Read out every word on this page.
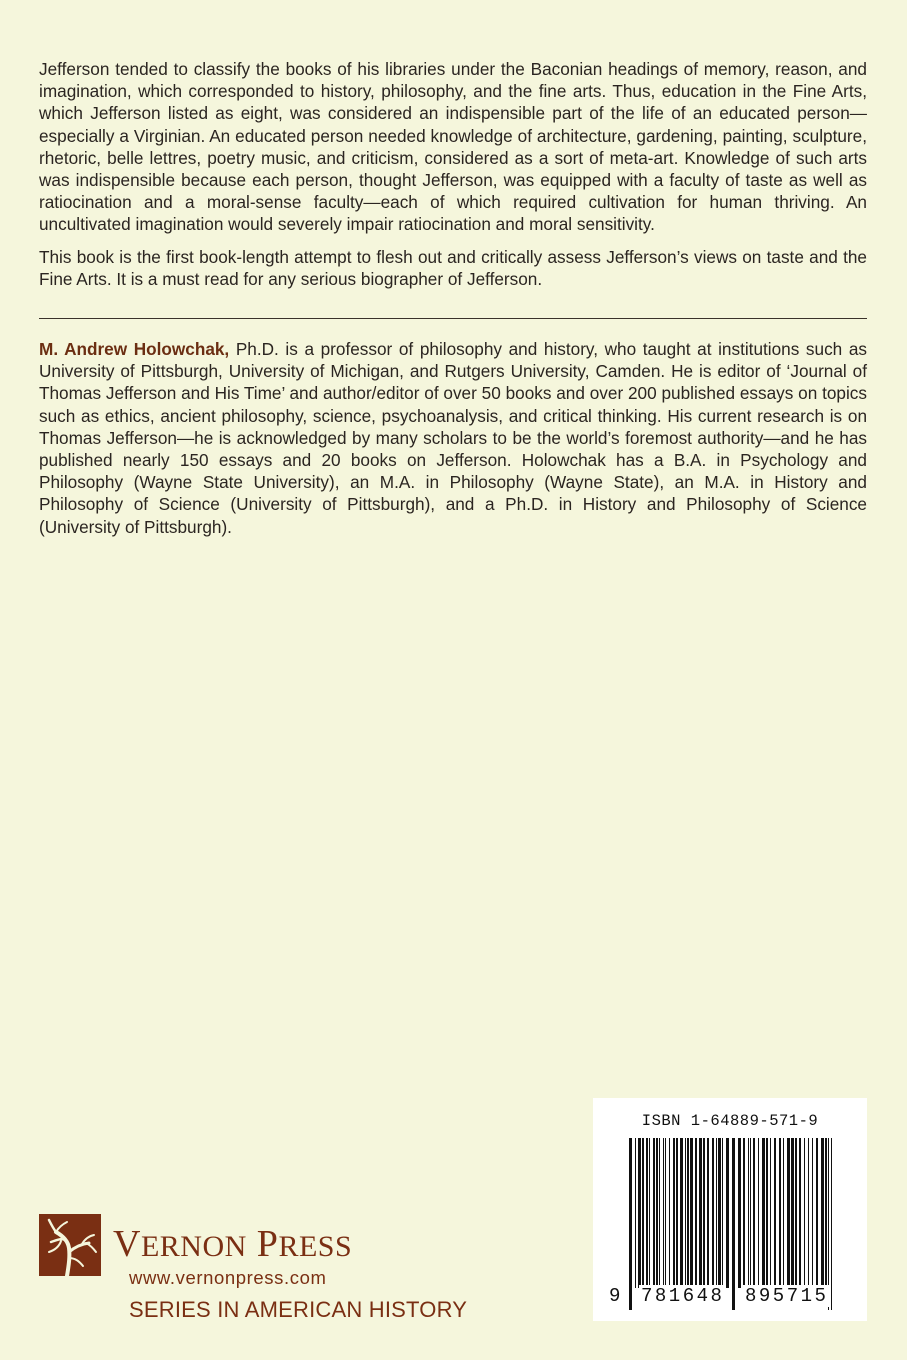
Jefferson tended to classify the books of his libraries under the Baconian headings of memory, reason, and imagination, which corresponded to history, philosophy, and the fine arts. Thus, education in the Fine Arts, which Jefferson listed as eight, was considered an indispensible part of the life of an educated person—especially a Virginian. An educated person needed knowledge of architecture, gardening, painting, sculpture, rhetoric, belle lettres, poetry music, and criticism, considered as a sort of meta-art. Knowledge of such arts was indispensible because each person, thought Jefferson, was equipped with a faculty of taste as well as ratiocination and a moral-sense faculty—each of which required cultivation for human thriving. An uncultivated imagination would severely impair ratiocination and moral sensitivity.

This book is the first book-length attempt to flesh out and critically assess Jefferson’s views on taste and the Fine Arts. It is a must read for any serious biographer of Jefferson.

M. Andrew Holowchak, Ph.D. is a professor of philosophy and history, who taught at institutions such as University of Pittsburgh, University of Michigan, and Rutgers University, Camden. He is editor of ‘Journal of Thomas Jefferson and His Time’ and author/editor of over 50 books and over 200 published essays on topics such as ethics, ancient philosophy, science, psychoanalysis, and critical thinking. His current research is on Thomas Jefferson—he is acknowledged by many scholars to be the world’s foremost authority—and he has published nearly 150 essays and 20 books on Jefferson. Holowchak has a B.A. in Psychology and Philosophy (Wayne State University), an M.A. in Philosophy (Wayne State), an M.A. in History and Philosophy of Science (University of Pittsburgh), and a Ph.D. in History and Philosophy of Science (University of Pittsburgh).
VERNON PRESS
www.vernonpress.com
SERIES IN AMERICAN HISTORY
ISBN 1-64889-571-9
9 781648 895715
